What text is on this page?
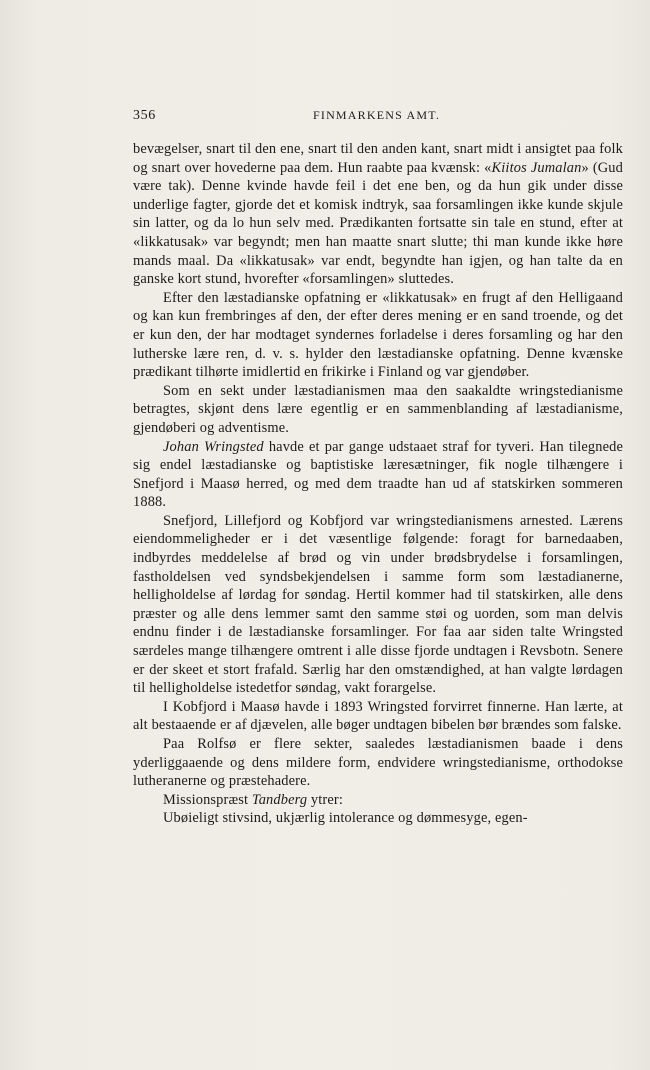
356	FINMARKENS AMT.

bevægelser, snart til den ene, snart til den anden kant, snart midt i ansigtet paa folk og snart over hovederne paa dem. Hun raabte paa kvænsk: «Kiitos Jumalan» (Gud være tak). Denne kvinde havde feil i det ene ben, og da hun gik under disse underlige fagter, gjorde det et komisk indtryk, saa forsamlingen ikke kunde skjule sin latter, og da lo hun selv med. Prædikanten fortsatte sin tale en stund, efter at «likkatusak» var begyndt; men han maatte snart slutte; thi man kunde ikke høre mands maal. Da «likkatusak» var endt, begyndte han igjen, og han talte da en ganske kort stund, hvorefter «forsamlingen» sluttedes.

Efter den læstadianske opfatning er «likkatusak» en frugt af den Helligaand og kan kun frembringes af den, der efter deres mening er en sand troende, og det er kun den, der har modtaget syndernes forladelse i deres forsamling og har den lutherske lære ren, d. v. s. hylder den læstadianske opfatning. Denne kvænske prædikant tilhørte imidlertid en frikirke i Finland og var gjendøber.

Som en sekt under læstadianismen maa den saakaldte wringstedianisme betragtes, skjønt dens lære egentlig er en sammenblanding af læstadianisme, gjendøberi og adventisme.

Johan Wringsted havde et par gange udstaaet straf for tyveri. Han tilegnede sig endel læstadianske og baptistiske læresætninger, fik nogle tilhængere i Snefjord i Maasø herred, og med dem traadte han ud af statskirken sommeren 1888.

Snefjord, Lillefjord og Kobfjord var wringstedianismens arnested. Lærens eiendommeligheder er i det væsentlige følgende: foragt for barnedaaben, indbyrdes meddelelse af brød og vin under brødsbrydelse i forsamlingen, fastholdelsen ved syndsbekjendelsen i samme form som læstadianerne, helligholdelse af lørdag for søndag. Hertil kommer had til statskirken, alle dens præster og alle dens lemmer samt den samme støi og uorden, som man delvis endnu finder i de læstadianske forsamlinger. For faa aar siden talte Wringsted særdeles mange tilhængere omtrent i alle disse fjorde undtagen i Revsbotn. Senere er der skeet et stort frafald. Særlig har den omstændighed, at han valgte lørdagen til helligholdelse istedetfor søndag, vakt forargelse.

I Kobfjord i Maasø havde i 1893 Wringsted forvirret finnerne. Han lærte, at alt bestaaende er af djævelen, alle bøger undtagen bibelen bør brændes som falske.

Paa Rolfsø er flere sekter, saaledes læstadianismen baade i dens yderliggaaende og dens mildere form, endvidere wringstedianisme, orthodokse lutheranerne og præstehadere.

Missionspræst Tandberg ytrer:

Ubøieligt stivsind, ukjærlig intolerance og dømmesyge, egen-
